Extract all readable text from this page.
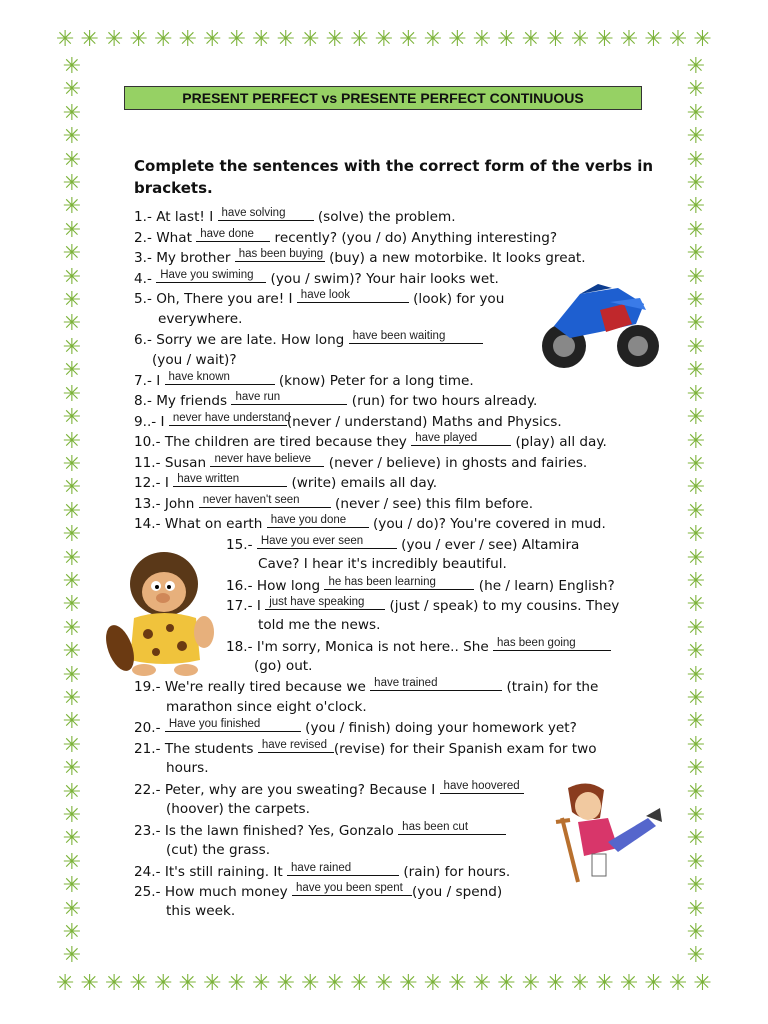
✳ ✳ ✳ ✳ ✳ ✳ ✳ ✳ ✳ ✳ ✳ ✳ ✳ ✳ ✳ ✳ ✳ ✳ ✳ ✳ ✳ ✳ ✳ ✳ ✳ ✳ ✳
✳ ✳ ✳ ✳ ✳ ✳ ✳ ✳ ✳ ✳ ✳ ✳ ✳ ✳ ✳ ✳ ✳ ✳ ✳ ✳ ✳ ✳ ✳ ✳ ✳ ✳ ✳
✳
✳
✳
✳
✳
✳
✳
✳
✳
✳
✳
✳
✳
✳
✳
✳
✳
✳
✳
✳
✳
✳
✳
✳
✳
✳
✳
✳
✳
✳
✳
✳
✳
✳
✳
✳
✳
✳
✳
✳
✳
✳
✳
✳
✳
✳
✳
✳
✳
✳
✳
✳
✳
✳
✳
✳
✳
✳
✳
✳
✳
✳
✳
✳
✳
✳
✳
✳
✳
✳
✳
✳
✳
✳
✳
✳
✳
✳
PRESENT PERFECT vs PRESENTE PERFECT CONTINUOUS
Complete the sentences with the correct form of the verbs in brackets.
1.- At last! I have solving (solve) the problem.
2.- What have done recently? (you / do) Anything interesting?
3.- My brother has been buying (buy) a new motorbike. It looks great.
4.- Have you swiming (you / swim)? Your hair looks wet.
5.- Oh, There you are! I have look	(look) for you
everywhere.
6.- Sorry we are late. How long have been waiting
(you / wait)?
7.- I have known	(know) Peter for a long time.
8.- My friends have run	(run) for two hours already.
9..- I never have understand
(never / understand) Maths and Physics.
10.- The children are tired because they have played (play) all day.
11.- Susan never have believe (never / believe) in ghosts and fairies.
12.- I have written	(write) emails all day.
13.- John never haven't seen (never / see) this film before.
14.- What on earth have you done (you / do)? You're covered in mud.
15.- Have you ever seen (you / ever / see) Altamira
Cave? I hear it's incredibly beautiful.
16.- How long he has been learning	(he / learn) English?
17.- I just have speaking (just / speak) to my cousins. They
told me the news.
18.- I'm sorry, Monica is not here.. She has been going
(go) out.
19.- We're really tired because we have trained	(train) for the
marathon since eight o'clock.
20.- Have you finished	(you / finish) doing your homework yet?
21.- The students have revised (revise) for their Spanish exam for two
hours.
22.- Peter, why are you sweating? Because I have hoovered
(hoover) the carpets.
23.- Is the lawn finished? Yes, Gonzalo has been cut
(cut) the grass.
24.- It's still raining. It have rained	(rain) for hours.
25.- How much money have you been spent (you / spend)
this week.
